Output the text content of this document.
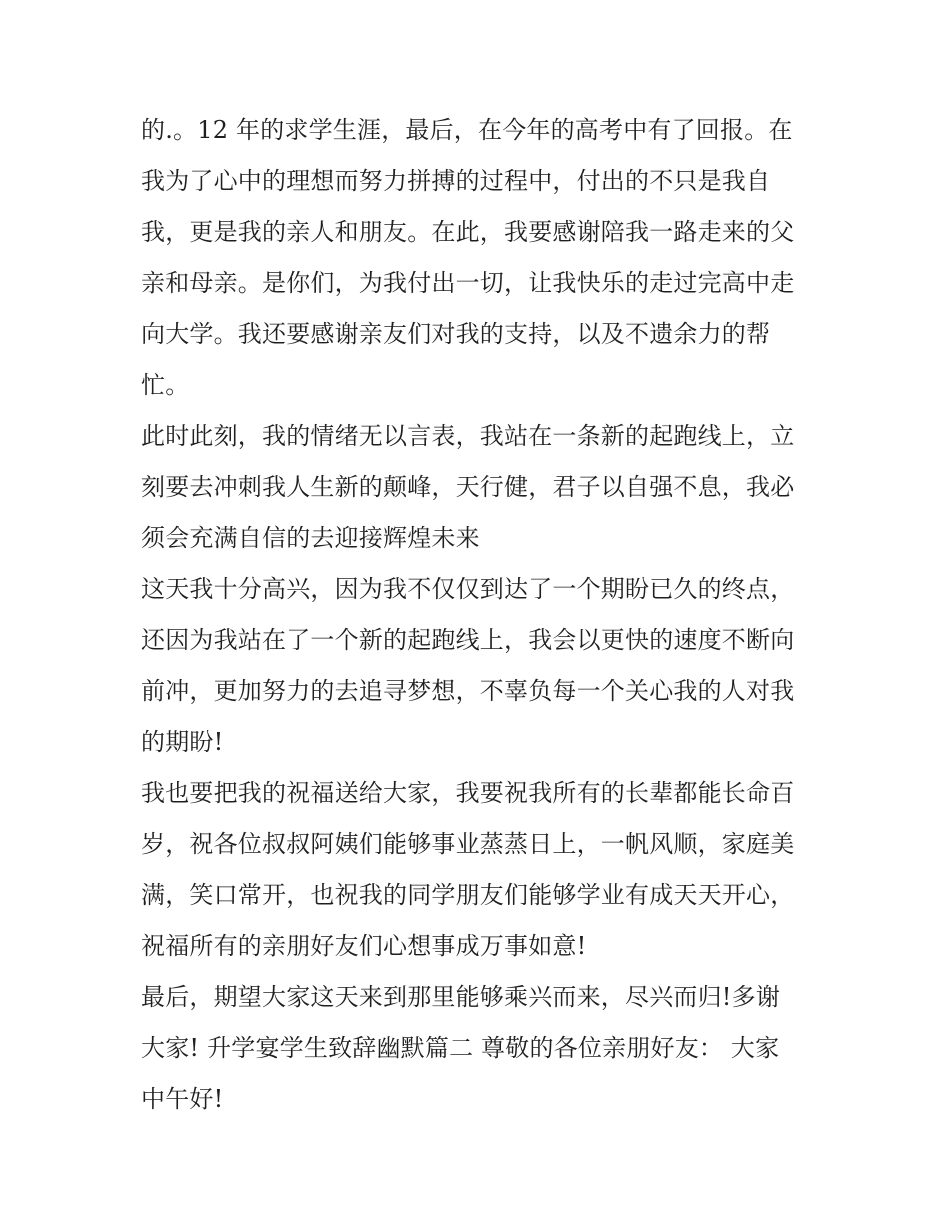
的.。12 年的求学生涯，最后，在今年的高考中有了回报。在
我为了心中的理想而努力拼搏的过程中，付出的不只是我自
我，更是我的亲人和朋友。在此，我要感谢陪我一路走来的父
亲和母亲。是你们，为我付出一切，让我快乐的走过完高中走
向大学。我还要感谢亲友们对我的支持，以及不遗余力的帮
忙。
此时此刻，我的情绪无以言表，我站在一条新的起跑线上，立
刻要去冲刺我人生新的颠峰，天行健，君子以自强不息，我必
须会充满自信的去迎接辉煌未来
这天我十分高兴，因为我不仅仅到达了一个期盼已久的终点，
还因为我站在了一个新的起跑线上，我会以更快的速度不断向
前冲，更加努力的去追寻梦想，不辜负每一个关心我的人对我
的期盼!
我也要把我的祝福送给大家，我要祝我所有的长辈都能长命百
岁，祝各位叔叔阿姨们能够事业蒸蒸日上，一帆风顺，家庭美
满，笑口常开，也祝我的同学朋友们能够学业有成天天开心，
祝福所有的亲朋好友们心想事成万事如意!
最后，期望大家这天来到那里能够乘兴而来，尽兴而归!多谢
大家! 升学宴学生致辞幽默篇二 尊敬的各位亲朋好友： 大家
中午好!
